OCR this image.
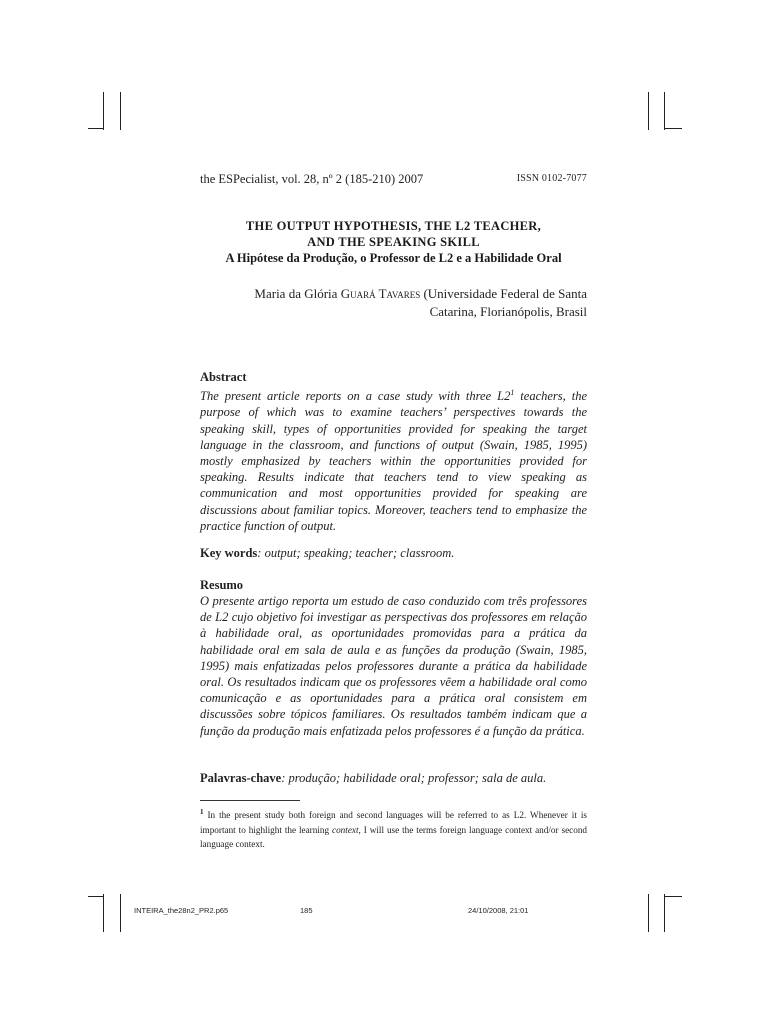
the ESPecialist, vol. 28, nº 2 (185-210) 2007	ISSN 0102-7077
THE OUTPUT HYPOTHESIS, THE L2 TEACHER,
AND THE SPEAKING SKILL
A Hipótese da Produção, o Professor de L2 e a Habilidade Oral
Maria da Glória Guará Tavares (Universidade Federal de Santa
Catarina, Florianópolis, Brasil
Abstract

The present article reports on a case study with three $L2^1$ teachers, the purpose of which was to examine teachers’ perspectives towards the speaking skill, types of opportunities provided for speaking the target language in the classroom, and functions of output (Swain, 1985, 1995) mostly emphasized by teachers within the opportunities provided for speaking. Results indicate that teachers tend to view speaking as communication and most opportunities provided for speaking are discussions about familiar topics. Moreover, teachers tend to emphasize the practice function of output.

Key words: output; speaking; teacher; classroom.
Resumo

O presente artigo reporta um estudo de caso conduzido com três professores de L2 cujo objetivo foi investigar as perspectivas dos professores em relação à habilidade oral, as oportunidades promovidas para a prática da habilidade oral em sala de aula e as funções da produção (Swain, 1985, 1995) mais enfatizadas pelos professores durante a prática da habilidade oral. Os resultados indicam que os professores vêem a habilidade oral como comunicação e as oportunidades para a prática oral consistem em discussões sobre tópicos familiares. Os resultados também indicam que a função da produção mais enfatizada pelos professores é a função da prática.

Palavras-chave: produção; habilidade oral; professor; sala de aula.
$^1$ In the present study both foreign and second languages will be referred to as L2. Whenever it is important to highlight the learning context, I will use the terms foreign language context and/or second language context.
INTEIRA_the28n2_PR2.p65	185	24/10/2008, 21:01
